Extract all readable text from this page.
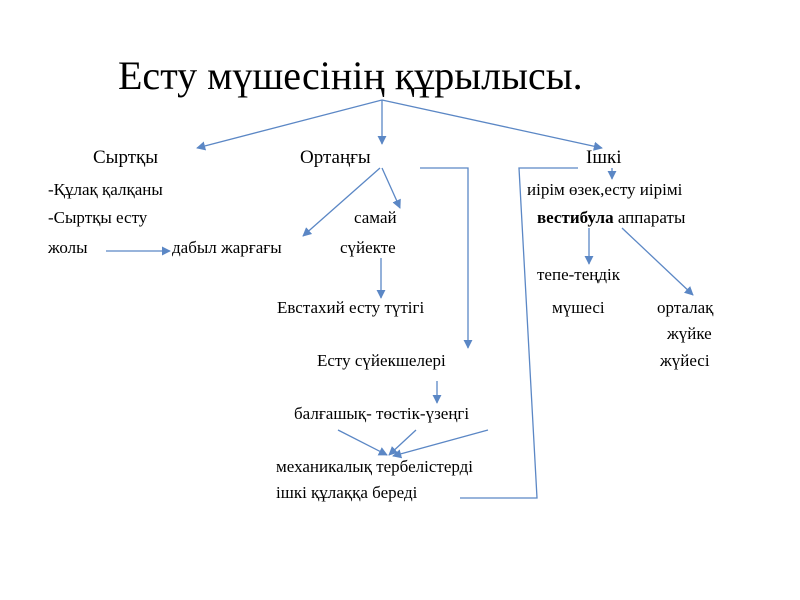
Есту мүшесінің құрылысы.
Сыртқы	Ортаңғы	Ішкі
-Құлақ қалқаны
-Сыртқы есту
жолы	дабыл жарғағы
самай
сүйекте
иірім өзек,есту иірімі
вестибула аппараты
тепе-теңдік
мүшесі	орталақ
жүйке
жүйесі
Евстахий есту түтігі
Есту сүйекшелері
балғашық- төстік-үзеңгі
механикалық тербелістерді
ішкі құлаққа береді
